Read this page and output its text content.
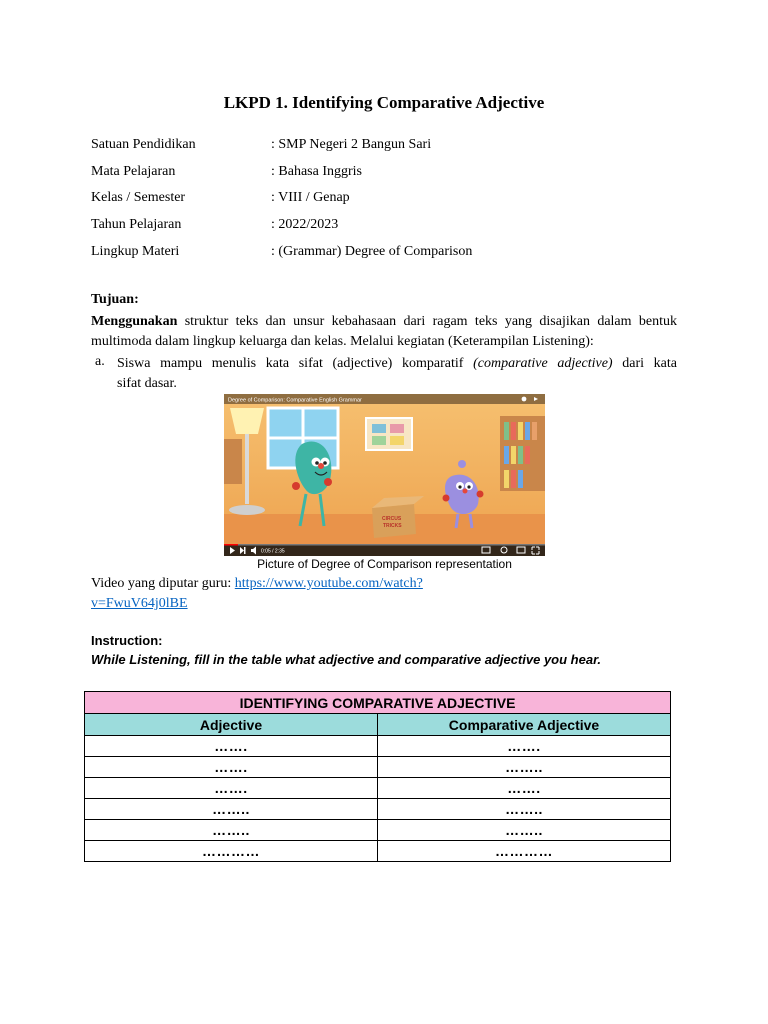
LKPD 1. Identifying Comparative Adjective
Satuan Pendidikan	: SMP Negeri 2 Bangun Sari
Mata Pelajaran	: Bahasa Inggris
Kelas / Semester	: VIII / Genap
Tahun Pelajaran	: 2022/2023
Lingkup Materi	: (Grammar) Degree of Comparison
Tujuan:
Menggunakan struktur teks dan unsur kebahasaan dari ragam teks yang disajikan dalam bentuk
multimoda dalam lingkup keluarga dan kelas. Melalui kegiatan (Keterampilan Listening):
a. Siswa mampu menulis kata sifat (adjective) komparatif (comparative adjective) dari kata
sifat dasar.
Degree of Comparison: Comparative English Grammar
CIRCUS
TRICKS
0:05 / 2:35
Picture of Degree of Comparison representation
Video yang diputar guru: https://www.youtube.com/watch?
v=FwuV64j0lBE
Instruction:
While Listening, fill in the table what adjective and comparative adjective you hear.
IDENTIFYING COMPARATIVE ADJECTIVE	
Adjective	Comparative Adjective
…….	…….
…….	……..
…….	…….
……..	……..
……..	……..
…………	…………
